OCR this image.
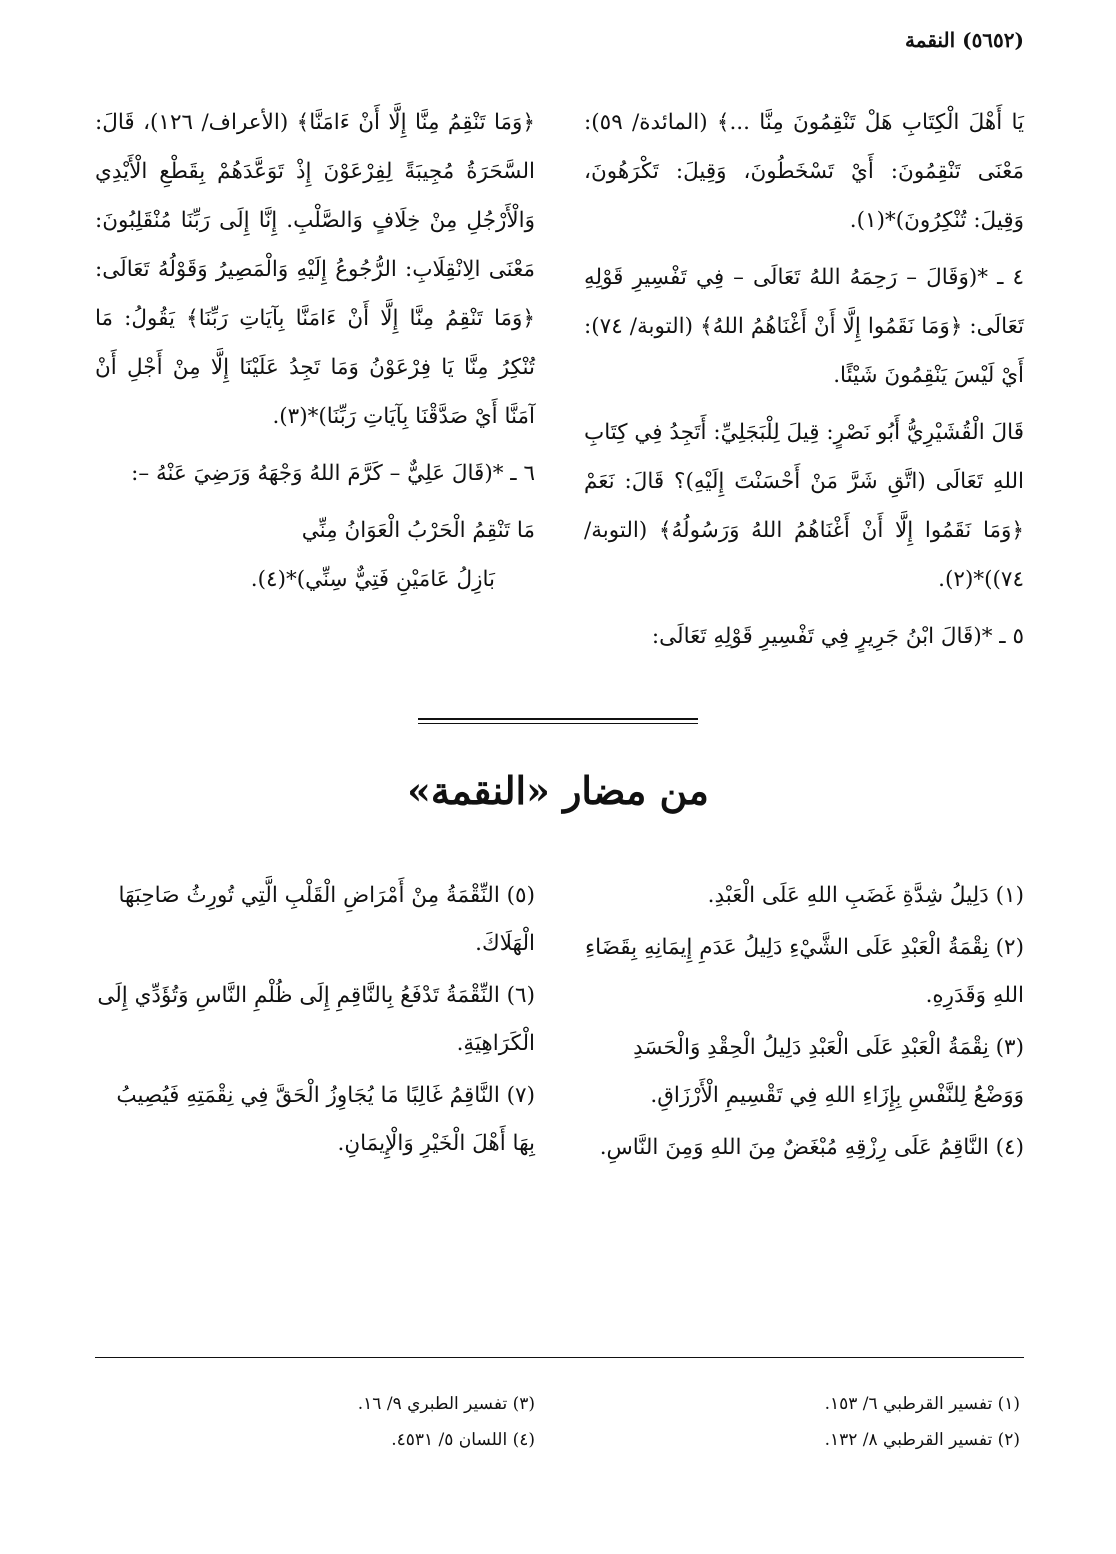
(٥٦٥٢) النقمة

يَا أَهْلَ الْكِتَابِ هَلْ تَنْقِمُونَ مِنَّا ...﴾ (المائدة/ ٥٩): مَعْنَى تَنْقِمُونَ: أَيْ تَسْخَطُونَ، وَقِيلَ: تَكْرَهُونَ، وَقِيلَ: تُنْكِرُونَ)*(١).

٤ ـ *(وَقَالَ – رَحِمَهُ اللهُ تَعَالَى – فِي تَفْسِيرِ قَوْلِهِ تَعَالَى: ﴿وَمَا نَقَمُوا إِلَّا أَنْ أَغْنَاهُمُ اللهُ﴾ (التوبة/ ٧٤): أَيْ لَيْسَ يَنْقِمُونَ شَيْئًا.

قَالَ الْقُشَيْرِيُّ أَبُو نَصْرٍ: قِيلَ لِلْبَجَلِيِّ: أَتَجِدُ فِي كِتَابِ اللهِ تَعَالَى (اتَّقِ شَرَّ مَنْ أَحْسَنْتَ إِلَيْهِ)؟ قَالَ: نَعَمْ ﴿وَمَا نَقَمُوا إِلَّا أَنْ أَغْنَاهُمُ اللهُ وَرَسُولُهُ﴾ (التوبة/ ٧٤))*(٢).

٥ ـ *(قَالَ ابْنُ جَرِيرٍ فِي تَفْسِيرِ قَوْلِهِ تَعَالَى:

﴿وَمَا تَنْقِمُ مِنَّا إِلَّا أَنْ ءَامَنَّا﴾ (الأعراف/ ١٢٦)، قَالَ: السَّحَرَةُ مُجِيبَةً لِفِرْعَوْنَ إِذْ تَوَعَّدَهُمْ بِقَطْعِ الْأَيْدِي وَالْأَرْجُلِ مِنْ خِلَافٍ وَالصَّلْبِ. إِنَّا إِلَى رَبِّنَا مُنْقَلِبُونَ: مَعْنَى الِانْقِلَابِ: الرُّجُوعُ إِلَيْهِ وَالْمَصِيرُ وَقَوْلُهُ تَعَالَى: ﴿وَمَا تَنْقِمُ مِنَّا إِلَّا أَنْ ءَامَنَّا بِآيَاتِ رَبِّنَا﴾ يَقُولُ: مَا تُنْكِرُ مِنَّا يَا فِرْعَوْنُ وَمَا تَجِدُ عَلَيْنَا إِلَّا مِنْ أَجْلِ أَنْ آمَنَّا أَيْ صَدَّقْنَا بِآيَاتِ رَبِّنَا)*(٣).

٦ ـ *(قَالَ عَلِيٌّ – كَرَّمَ اللهُ وَجْهَهُ وَرَضِيَ عَنْهُ –:

مَا تَنْقِمُ الْحَرْبُ الْعَوَانُ مِنِّي

بَازِلُ عَامَيْنِ فَتِيٌّ سِنِّي)*(٤).

من مضار «النقمة»
(١) دَلِيلُ شِدَّةِ غَضَبِ اللهِ عَلَى الْعَبْدِ.
(٢) نِقْمَةُ الْعَبْدِ عَلَى الشَّيْءِ دَلِيلُ عَدَمِ إِيمَانِهِ بِقَضَاءِ اللهِ وَقَدَرِهِ.
(٣) نِقْمَةُ الْعَبْدِ عَلَى الْعَبْدِ دَلِيلُ الْحِقْدِ وَالْحَسَدِ وَوَضْعُ لِلنَّفْسِ بِإِزَاءِ اللهِ فِي تَقْسِيمِ الْأَرْزَاقِ.
(٤) النَّاقِمُ عَلَى رِزْقِهِ مُبْغَضٌ مِنَ اللهِ وَمِنَ النَّاسِ.
(٥) النِّقْمَةُ مِنْ أَمْرَاضِ الْقَلْبِ الَّتِي تُورِثُ صَاحِبَهَا الْهَلَاكَ.
(٦) النِّقْمَةُ تَدْفَعُ بِالنَّاقِمِ إِلَى ظُلْمِ النَّاسِ وَتُؤَدِّي إِلَى الْكَرَاهِيَةِ.
(٧) النَّاقِمُ غَالِبًا مَا يُجَاوِزُ الْحَقَّ فِي نِقْمَتِهِ فَيُصِيبُ بِهَا أَهْلَ الْخَيْرِ وَالْإِيمَانِ.
(١) تفسير القرطبي ٦/ ١٥٣.
(٢) تفسير القرطبي ٨/ ١٣٢.
(٣) تفسير الطبري ٩/ ١٦.
(٤) اللسان ٥/ ٤٥٣١.
